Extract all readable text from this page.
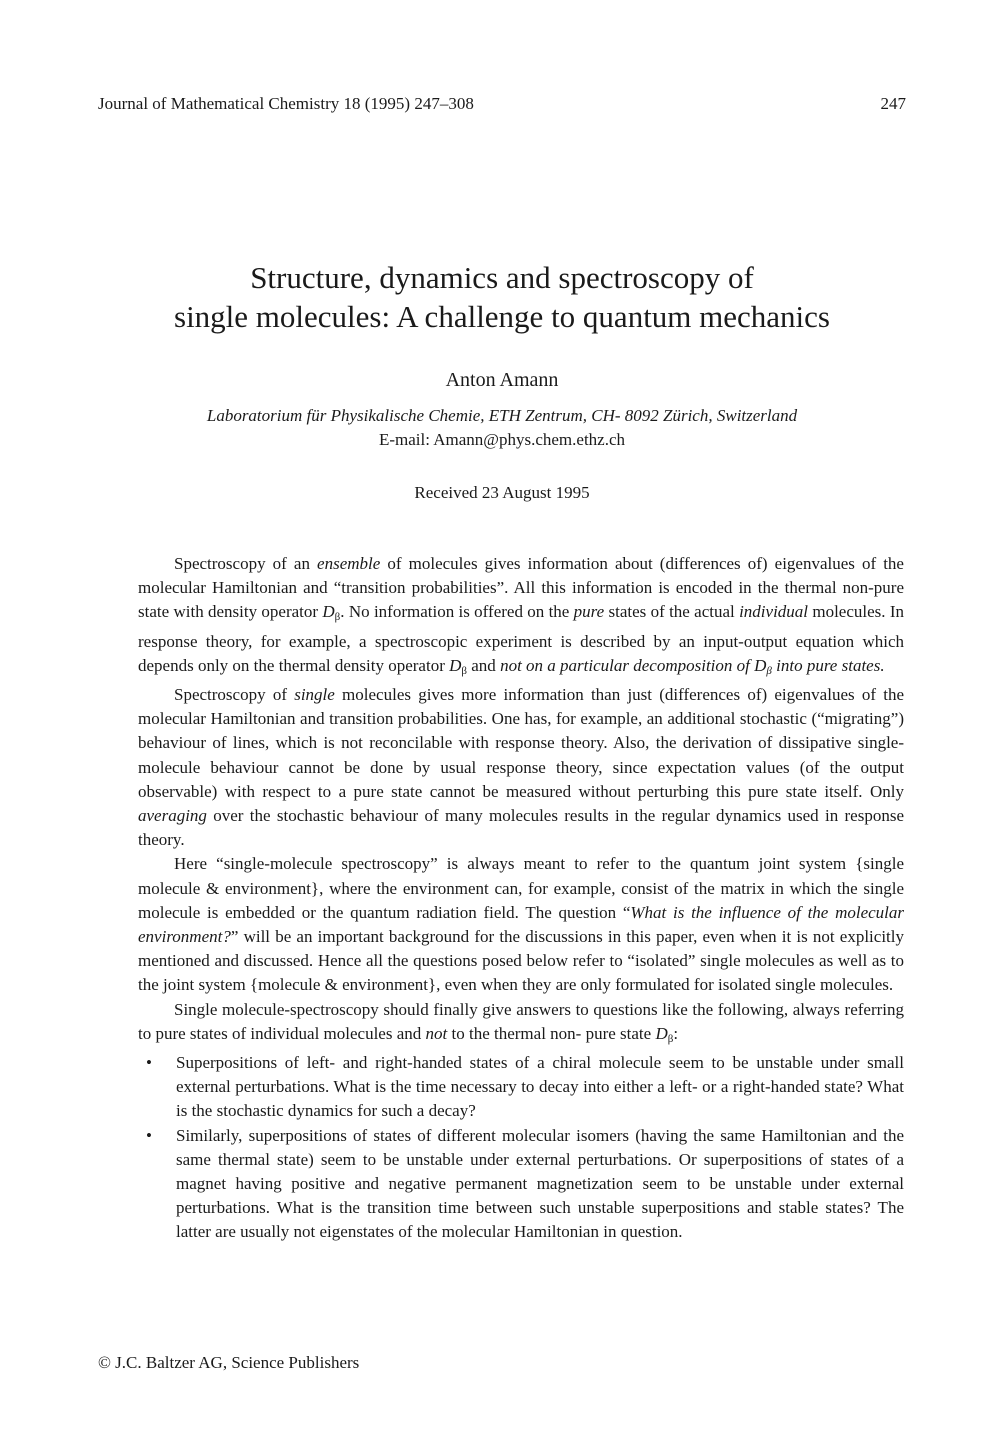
Journal of Mathematical Chemistry 18 (1995) 247–308	247
Structure, dynamics and spectroscopy of
single molecules: A challenge to quantum mechanics
Anton Amann
Laboratorium für Physikalische Chemie, ETH Zentrum, CH- 8092 Zürich, Switzerland
E-mail: Amann@phys.chem.ethz.ch
Received 23 August 1995

Spectroscopy of an ensemble of molecules gives information about (differences of) eigenvalues of the molecular Hamiltonian and “transition probabilities”. All this information is encoded in the thermal non-pure state with density operator $D_\beta$. No information is offered on the pure states of the actual individual molecules. In response theory, for example, a spectroscopic experiment is described by an input-output equation which depends only on the thermal density operator $D_\beta$ and not on a particular decomposition of $D_\beta$ into pure states.

Spectroscopy of single molecules gives more information than just (differences of) eigenvalues of the molecular Hamiltonian and transition probabilities. One has, for example, an additional stochastic (“migrating”) behaviour of lines, which is not reconcilable with response theory. Also, the derivation of dissipative single-molecule behaviour cannot be done by usual response theory, since expectation values (of the output observable) with respect to a pure state cannot be measured without perturbing this pure state itself. Only averaging over the stochastic behaviour of many molecules results in the regular dynamics used in response theory.

Here “single-molecule spectroscopy” is always meant to refer to the quantum joint system {single molecule & environment}, where the environment can, for example, consist of the matrix in which the single molecule is embedded or the quantum radiation field. The question “What is the influence of the molecular environment?” will be an important background for the discussions in this paper, even when it is not explicitly mentioned and discussed. Hence all the questions posed below refer to “isolated” single molecules as well as to the joint system {molecule & environment}, even when they are only formulated for isolated single molecules.

Single molecule-spectroscopy should finally give answers to questions like the following, always referring to pure states of individual molecules and not to the thermal non- pure state $D_\beta$:

• Superpositions of left- and right-handed states of a chiral molecule seem to be unstable under small external perturbations. What is the time necessary to decay into either a left- or a right-handed state? What is the stochastic dynamics for such a decay?
• Similarly, superpositions of states of different molecular isomers (having the same Hamiltonian and the same thermal state) seem to be unstable under external perturbations. Or superpositions of states of a magnet having positive and negative permanent magnetization seem to be unstable under external perturbations. What is the transition time between such unstable superpositions and stable states? The latter are usually not eigenstates of the molecular Hamiltonian in question.
© J.C. Baltzer AG, Science Publishers
